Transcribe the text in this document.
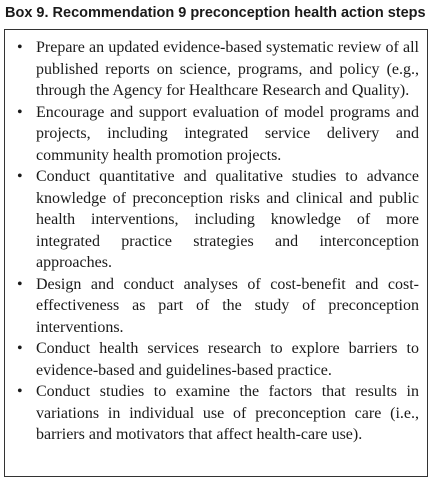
Box 9. Recommendation 9 preconception health action steps
• Prepare an updated evidence-based systematic review of all published reports on science, programs, and policy (e.g., through the Agency for Healthcare Research and Quality).
• Encourage and support evaluation of model programs and projects, including integrated service delivery and community health promotion projects.
• Conduct quantitative and qualitative studies to advance knowledge of preconception risks and clinical and public health interventions, including knowledge of more integrated practice strategies and interconception approaches.
• Design and conduct analyses of cost-benefit and cost-effectiveness as part of the study of preconception interventions.
• Conduct health services research to explore barriers to evidence-based and guidelines-based practice.
• Conduct studies to examine the factors that results in variations in individual use of preconception care (i.e., barriers and motivators that affect health-care use).
